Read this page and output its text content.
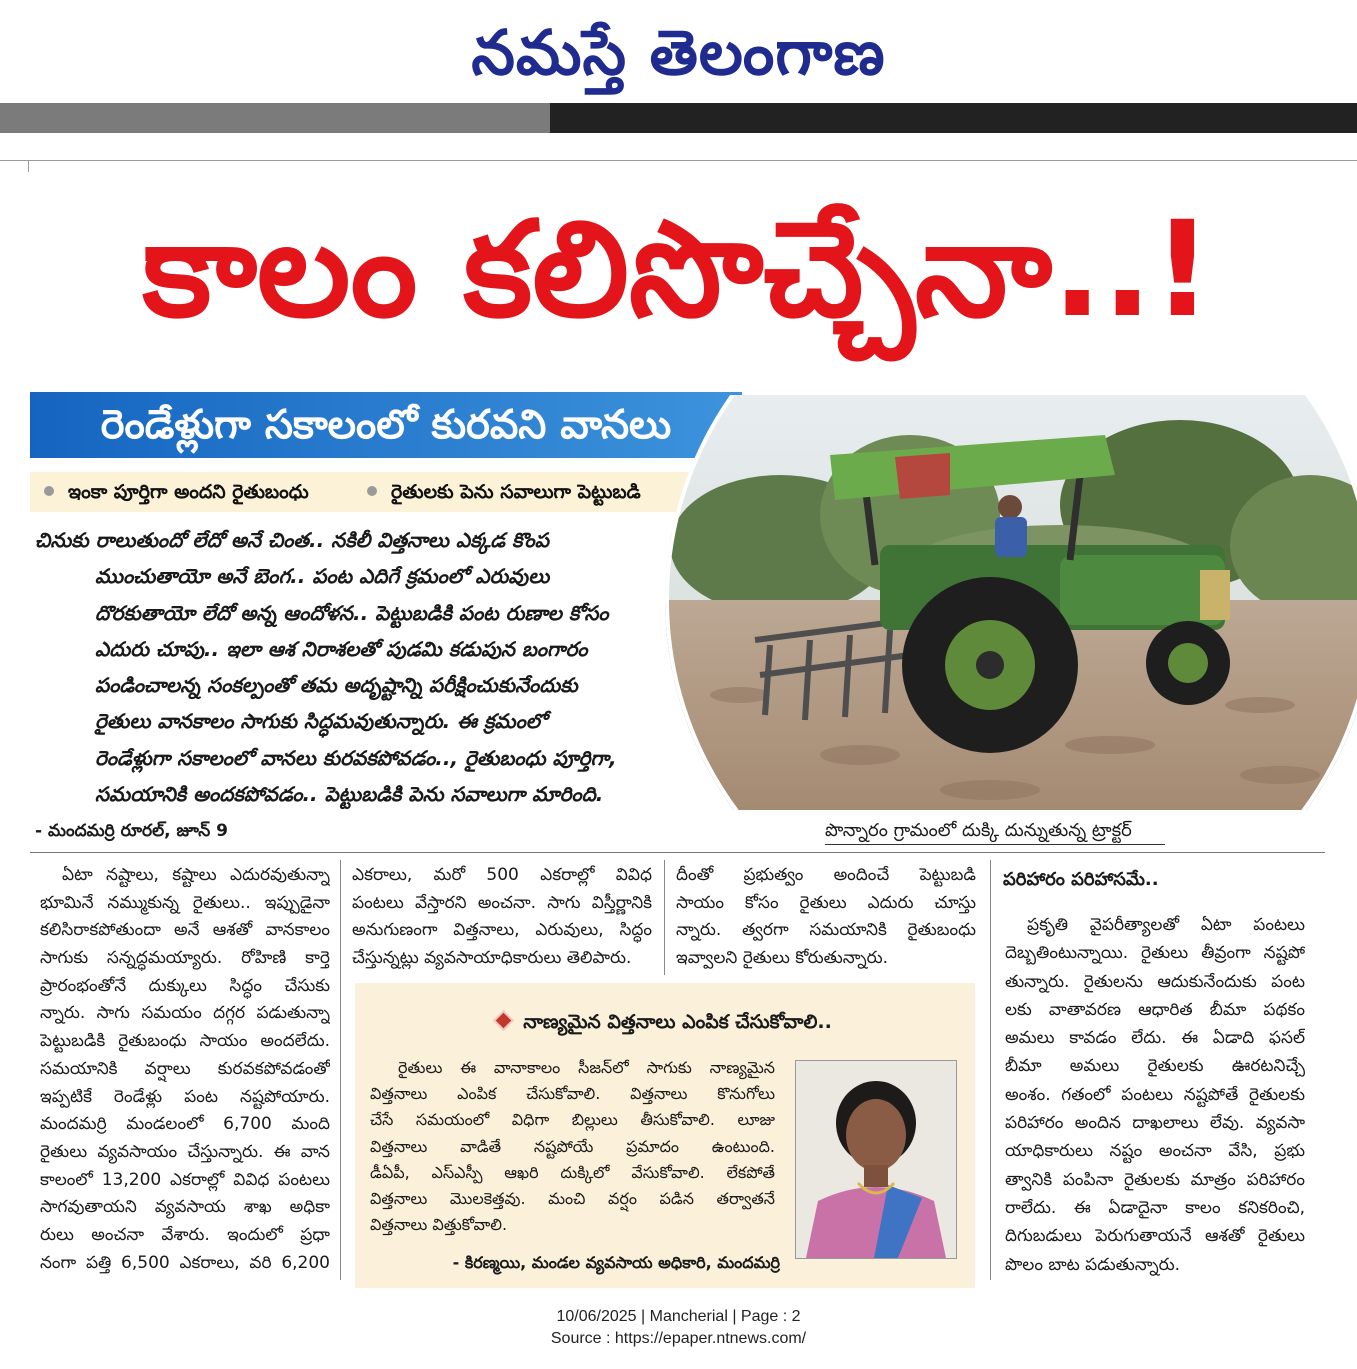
నమస్తే తెలంగాణ
కాలం కలిసొచ్చేనా..!
రెండేళ్లుగా సకాలంలో కురవని వానలు
ఇంకా పూర్తిగా అందని రైతుబంధు	రైతులకు పెను సవాలుగా పెట్టుబడి
చినుకు రాలుతుందో లేదో అనే చింత.. నకిలీ విత్తనాలు ఎక్కడ కొంప
ముంచుతాయో అనే బెంగ.. పంట ఎదిగే క్రమంలో ఎరువులు
దొరకుతాయో లేదో అన్న ఆందోళన.. పెట్టుబడికి పంట రుణాల కోసం
ఎదురు చూపు.. ఇలా ఆశ నిరాశలతో పుడమి కడుపున బంగారం
పండించాలన్న సంకల్పంతో తమ అదృష్టాన్ని పరీక్షించుకునేందుకు
రైతులు వానకాలం సాగుకు సిద్ధమవుతున్నారు. ఈ క్రమంలో
రెండేళ్లుగా సకాలంలో వానలు కురవకపోవడం.., రైతుబంధు పూర్తిగా,
సమయానికి అందకపోవడం.. పెట్టుబడికి పెను సవాలుగా మారింది.
పొన్నారం గ్రామంలో దుక్కి దున్నుతున్న ట్రాక్టర్
- మందమర్రి రూరల్, జూన్ 9
ఏటా నష్టాలు, కష్టాలు ఎదురవుతున్నా
భూమినే నమ్ముకున్న రైతులు.. ఇప్పుడైనా
కలిసిరాకపోతుందా అనే ఆశతో వానకాలం
సాగుకు సన్నద్ధమయ్యారు. రోహిణి కార్తె
ప్రారంభంతోనే దుక్కులు సిద్ధం చేసుకు
న్నారు. సాగు సమయం దగ్గర పడుతున్నా
పెట్టుబడికి రైతుబంధు సాయం అందలేదు.
సమయానికి వర్షాలు కురవకపోవడంతో
ఇప్పటికే రెండేళ్లు పంట నష్టపోయారు.
మందమర్రి మండలంలో 6,700 మంది
రైతులు వ్యవసాయం చేస్తున్నారు. ఈ వాన
కాలంలో 13,200 ఎకరాల్లో వివిధ పంటలు
సాగవుతాయని వ్యవసాయ శాఖ అధికా
రులు అంచనా వేశారు. ఇందులో ప్రధా
నంగా పత్తి 6,500 ఎకరాలు, వరి 6,200
ఎకరాలు, మరో 500 ఎకరాల్లో వివిధ
పంటలు వేస్తారని అంచనా. సాగు విస్తీర్ణానికి
అనుగుణంగా విత్తనాలు, ఎరువులు, సిద్ధం
చేస్తున్నట్లు వ్యవసాయాధికారులు తెలిపారు.
దీంతో ప్రభుత్వం అందించే పెట్టుబడి
సాయం కోసం రైతులు ఎదురు చూస్తు
న్నారు. త్వరగా సమయానికి రైతుబంధు
ఇవ్వాలని రైతులు కోరుతున్నారు.
పరిహారం పరిహాసమే..
ప్రకృతి వైపరీత్యాలతో ఏటా పంటలు
దెబ్బతింటున్నాయి. రైతులు తీవ్రంగా నష్టపో
తున్నారు. రైతులను ఆదుకునేందుకు పంట
లకు వాతావరణ ఆధారిత బీమా పథకం
అమలు కావడం లేదు. ఈ ఏడాది ఫసల్
బీమా అమలు రైతులకు ఊరటనిచ్చే
అంశం. గతంలో పంటలు నష్టపోతే రైతులకు
పరిహారం అందిన దాఖలాలు లేవు. వ్యవసా
యాధికారులు నష్టం అంచనా వేసి, ప్రభు
త్వానికి పంపినా రైతులకు మాత్రం పరిహారం
రాలేదు. ఈ ఏడాదైనా కాలం కనికరించి,
దిగుబడులు పెరుగుతాయనే ఆశతో రైతులు
పొలం బాట పడుతున్నారు.
నాణ్యమైన విత్తనాలు ఎంపిక చేసుకోవాలి..
రైతులు ఈ వానాకాలం సీజన్‌లో సాగుకు నాణ్యమైన
విత్తనాలు ఎంపిక చేసుకోవాలి. విత్తనాలు కొనుగోలు
చేసే సమయంలో విధిగా బిల్లులు తీసుకోవాలి. లూజు
విత్తనాలు వాడితే నష్టపోయే ప్రమాదం ఉంటుంది.
డీఏపీ, ఎస్ఎస్పీ ఆఖరి దుక్కిలో వేసుకోవాలి. లేకపోతే
విత్తనాలు మొలకెత్తవు. మంచి వర్షం పడిన తర్వాతనే
విత్తనాలు విత్తుకోవాలి.
- కిరణ్మయి, మండల వ్యవసాయ అధికారి, మందమర్రి
10/06/2025 | Mancherial | Page : 2
Source : https://epaper.ntnews.com/
